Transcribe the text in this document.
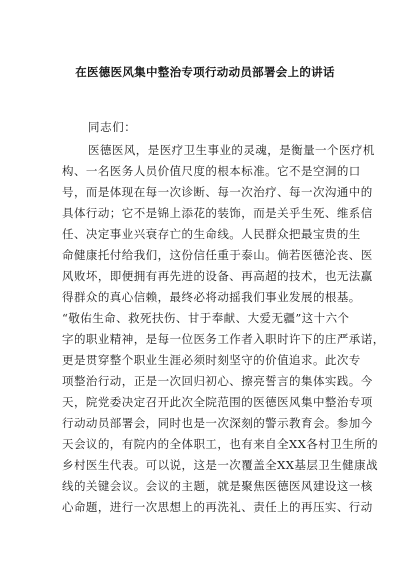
在医德医风集中整治专项行动动员部署会上的讲话
同志们：
医德医风，是医疗卫生事业的灵魂，是衡量一个医疗机
构、一名医务人员价值尺度的根本标准。它不是空洞的口
号，而是体现在每一次诊断、每一次治疗、每一次沟通中的
具体行动；它不是锦上添花的装饰，而是关乎生死、维系信
任、决定事业兴衰存亡的生命线。人民群众把最宝贵的生
命健康托付给我们，这份信任重于泰山。倘若医德沦丧、医
风败坏，即便拥有再先进的设备、再高超的技术，也无法赢
得群众的真心信赖，最终必将动摇我们事业发展的根基。
“敬佑生命、救死扶伤、甘于奉献、大爱无疆”这十六个
字的职业精神，是每一位医务工作者入职时许下的庄严承诺，
更是贯穿整个职业生涯必须时刻坚守的价值追求。此次专
项整治行动，正是一次回归初心、擦亮誓言的集体实践。今
天，院党委决定召开此次全院范围的医德医风集中整治专项
行动动员部署会，同时也是一次深刻的警示教育会。参加今
天会议的，有院内的全体职工，也有来自全XX各村卫生所的
乡村医生代表。可以说，这是一次覆盖全XX基层卫生健康战
线的关键会议。会议的主题，就是聚焦医德医风建设这一核
心命题，进行一次思想上的再洗礼、责任上的再压实、行动
